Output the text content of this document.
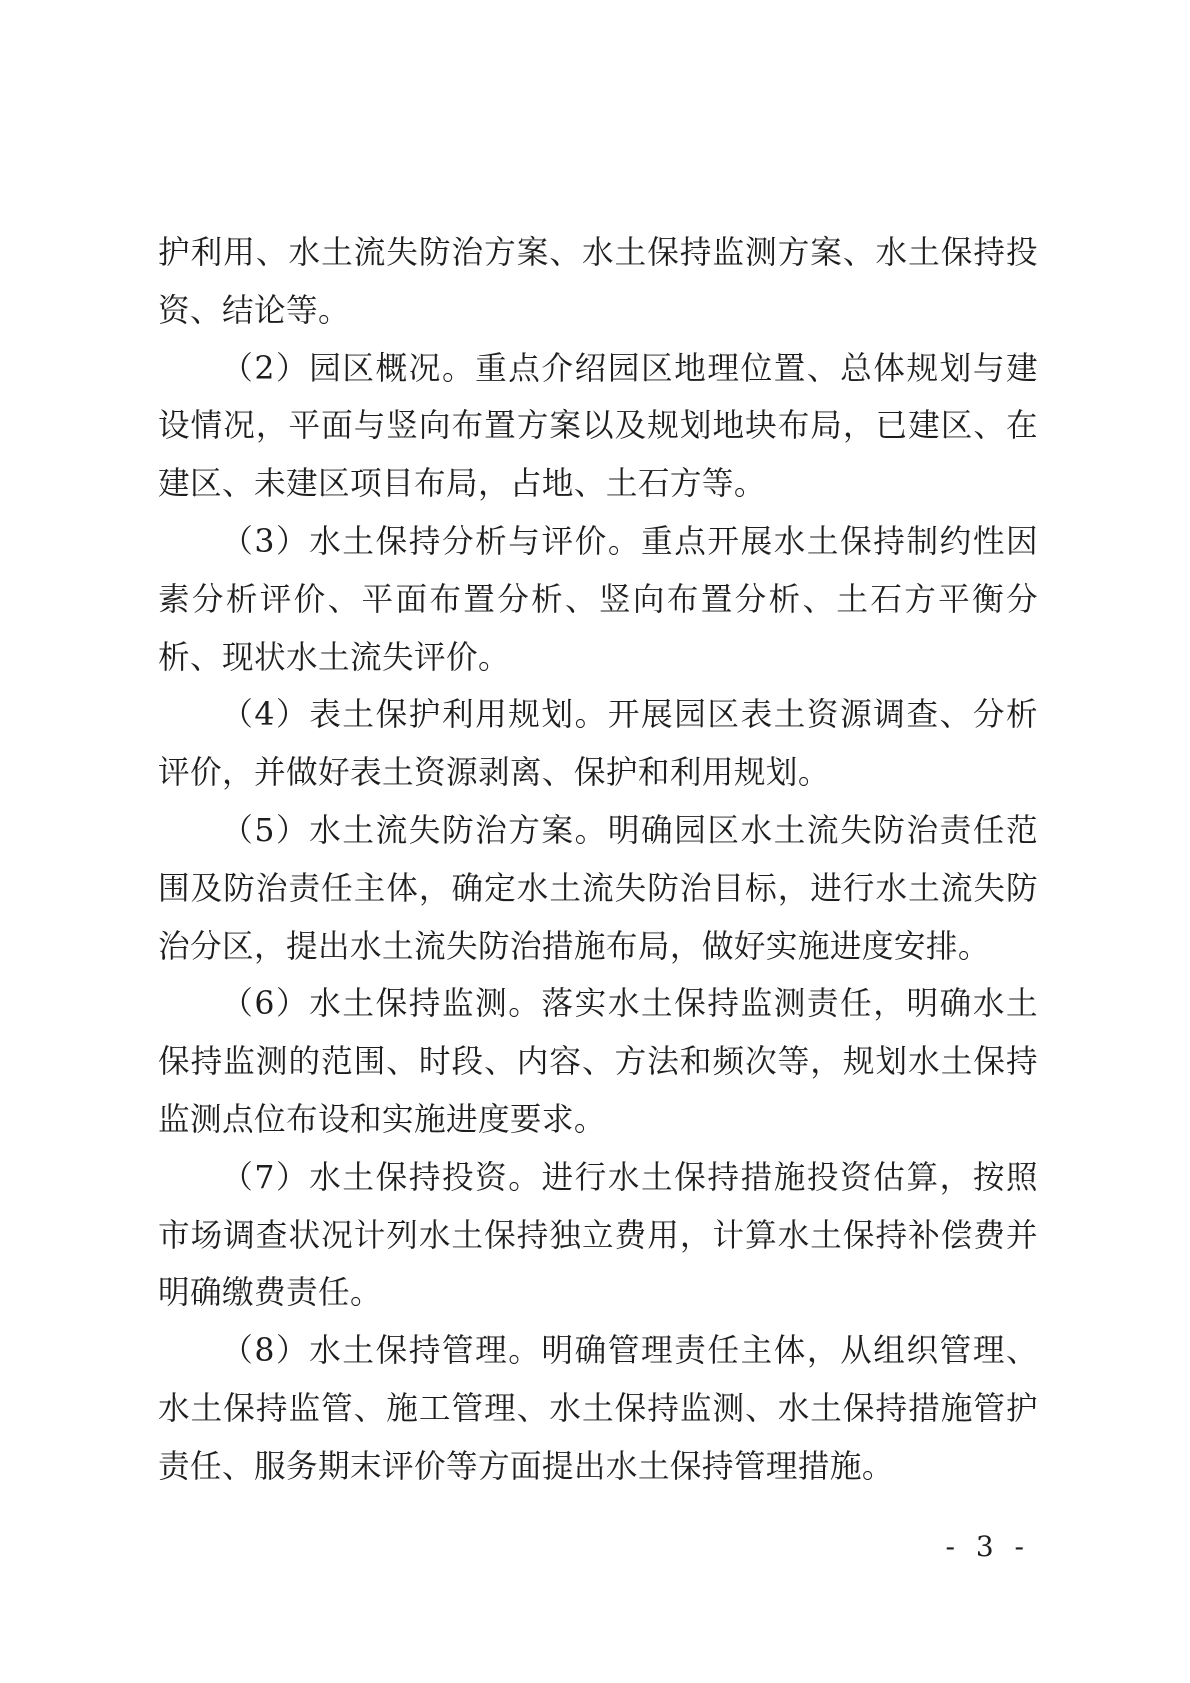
护利用、水土流失防治方案、水土保持监测方案、水土保持投资、结论等。

（2）园区概况。重点介绍园区地理位置、总体规划与建设情况，平面与竖向布置方案以及规划地块布局，已建区、在建区、未建区项目布局，占地、土石方等。

（3）水土保持分析与评价。重点开展水土保持制约性因素分析评价、平面布置分析、竖向布置分析、土石方平衡分析、现状水土流失评价。

（4）表土保护利用规划。开展园区表土资源调查、分析评价，并做好表土资源剥离、保护和利用规划。

（5）水土流失防治方案。明确园区水土流失防治责任范围及防治责任主体，确定水土流失防治目标，进行水土流失防治分区，提出水土流失防治措施布局，做好实施进度安排。

（6）水土保持监测。落实水土保持监测责任，明确水土保持监测的范围、时段、内容、方法和频次等，规划水土保持监测点位布设和实施进度要求。

（7）水土保持投资。进行水土保持措施投资估算，按照市场调查状况计列水土保持独立费用，计算水土保持补偿费并明确缴费责任。

（8）水土保持管理。明确管理责任主体，从组织管理、水土保持监管、施工管理、水土保持监测、水土保持措施管护责任、服务期末评价等方面提出水土保持管理措施。

- 3 -
